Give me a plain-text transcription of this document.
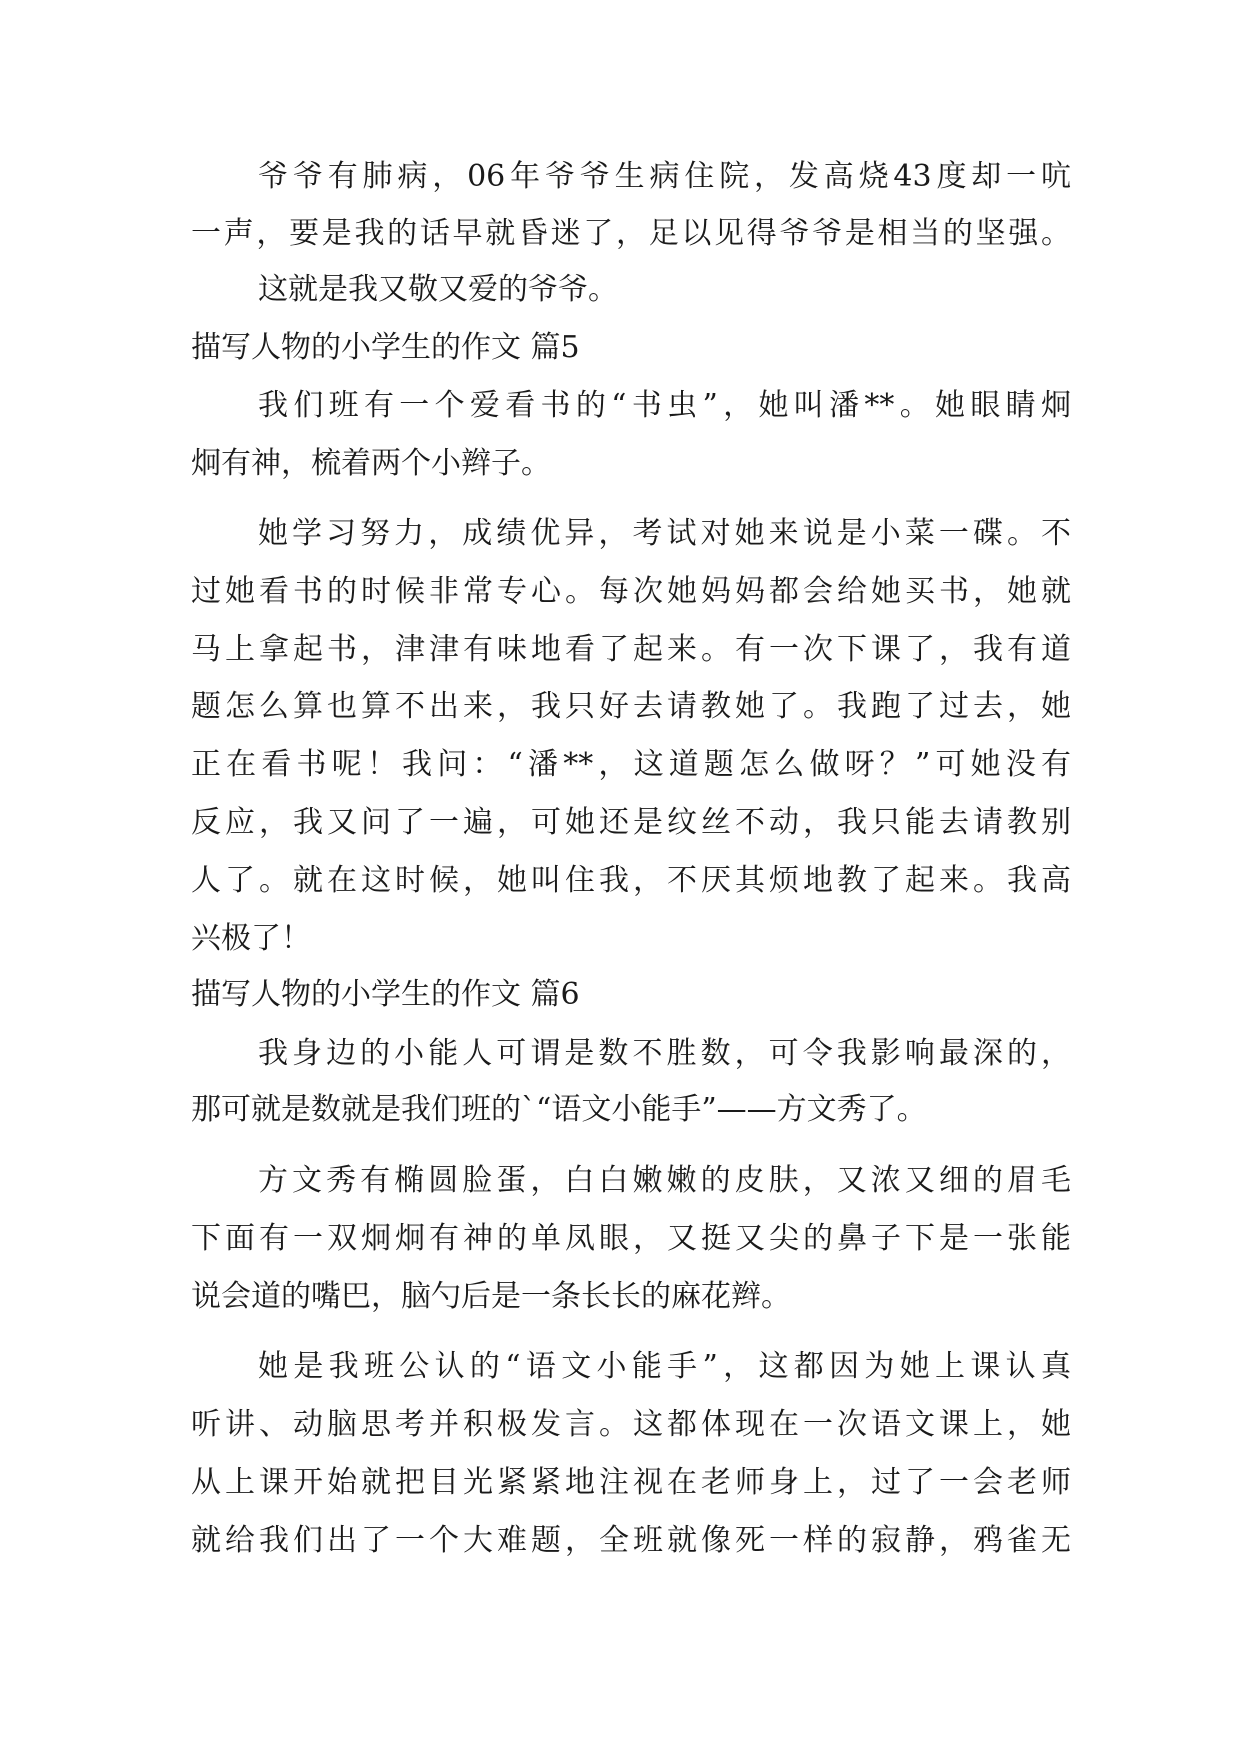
爷爷有肺病，06年爷爷生病住院，发高烧43度却一吭
一声，要是我的话早就昏迷了，足以见得爷爷是相当的坚强。
这就是我又敬又爱的爷爷。
描写人物的小学生的作文 篇5
我们班有一个爱看书的“书虫”，她叫潘**。她眼睛炯
炯有神，梳着两个小辫子。
她学习努力，成绩优异，考试对她来说是小菜一碟。不
过她看书的时候非常专心。每次她妈妈都会给她买书，她就
马上拿起书，津津有味地看了起来。有一次下课了，我有道
题怎么算也算不出来，我只好去请教她了。我跑了过去，她
正在看书呢！我问：“潘**，这道题怎么做呀？”可她没有
反应，我又问了一遍，可她还是纹丝不动，我只能去请教别
人了。就在这时候，她叫住我，不厌其烦地教了起来。我高
兴极了！
描写人物的小学生的作文 篇6
我身边的小能人可谓是数不胜数，可令我影响最深的，
那可就是数就是我们班的`“语文小能手”——方文秀了。
方文秀有椭圆脸蛋，白白嫩嫩的皮肤，又浓又细的眉毛
下面有一双炯炯有神的单凤眼，又挺又尖的鼻子下是一张能
说会道的嘴巴，脑勺后是一条长长的麻花辫。
她是我班公认的“语文小能手”，这都因为她上课认真
听讲、动脑思考并积极发言。这都体现在一次语文课上，她
从上课开始就把目光紧紧地注视在老师身上，过了一会老师
就给我们出了一个大难题，全班就像死一样的寂静，鸦雀无
